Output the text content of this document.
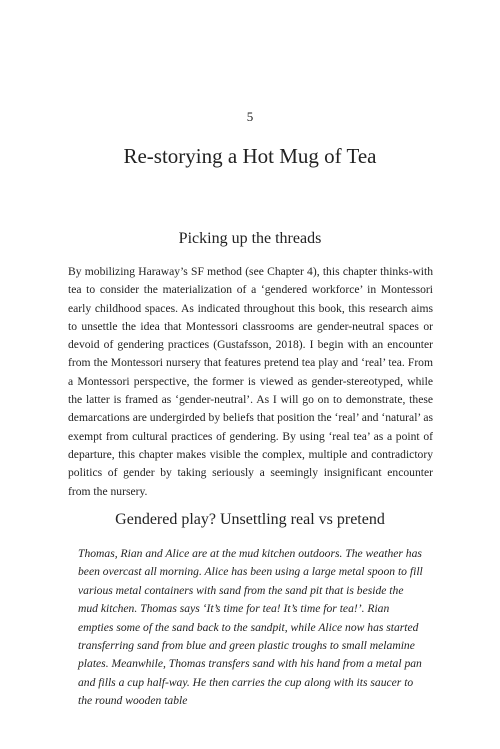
5
Re-storying a Hot Mug of Tea
Picking up the threads

By mobilizing Haraway’s SF method (see Chapter 4), this chapter thinks-with tea to consider the materialization of a ‘gendered workforce’ in Montessori early childhood spaces. As indicated throughout this book, this research aims to unsettle the idea that Montessori classrooms are gender-neutral spaces or devoid of gendering practices (Gustafsson, 2018). I begin with an encounter from the Montessori nursery that features pretend tea play and ‘real’ tea. From a Montessori perspective, the former is viewed as gender-stereotyped, while the latter is framed as ‘gender-neutral’. As I will go on to demonstrate, these demarcations are undergirded by beliefs that position the ‘real’ and ‘natural’ as exempt from cultural practices of gendering. By using ‘real tea’ as a point of departure, this chapter makes visible the complex, multiple and contradictory politics of gender by taking seriously a seemingly insignificant encounter from the nursery.

Gendered play? Unsettling real vs pretend

Thomas, Rian and Alice are at the mud kitchen outdoors. The weather has been overcast all morning. Alice has been using a large metal spoon to fill various metal containers with sand from the sand pit that is beside the mud kitchen. Thomas says ‘It’s time for tea! It’s time for tea!’. Rian empties some of the sand back to the sandpit, while Alice now has started transferring sand from blue and green plastic troughs to small melamine plates. Meanwhile, Thomas transfers sand with his hand from a metal pan and fills a cup half-way. He then carries the cup along with its saucer to the round wooden table
